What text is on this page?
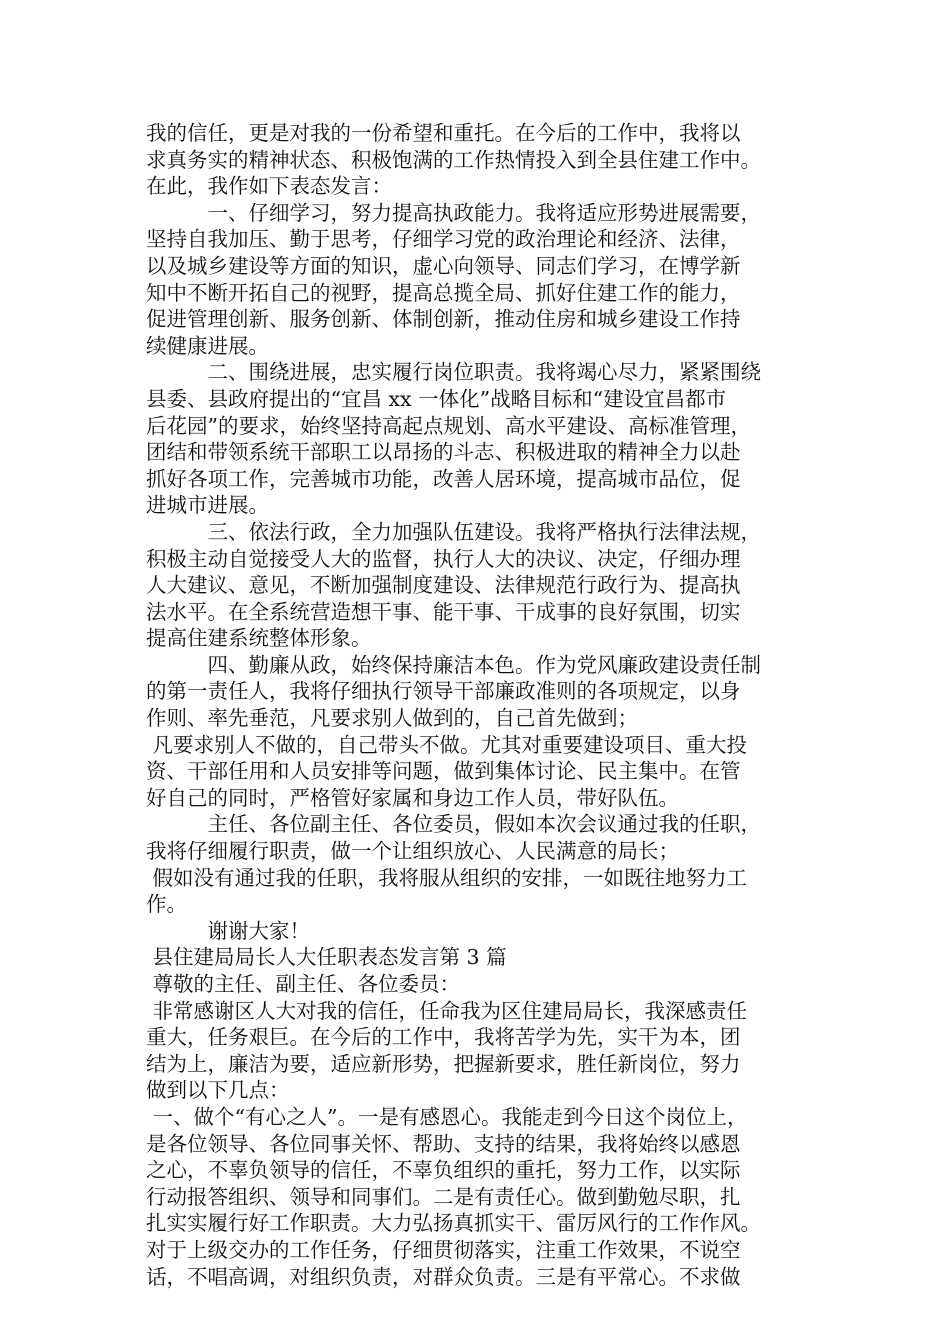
我的信任，更是对我的一份希望和重托。在今后的工作中，我将以
求真务实的精神状态、积极饱满的工作热情投入到全县住建工作中。
在此，我作如下表态发言：
　　　一、仔细学习，努力提高执政能力。我将适应形势进展需要，
坚持自我加压、勤于思考，仔细学习党的政治理论和经济、法律，
以及城乡建设等方面的知识，虚心向领导、同志们学习，在博学新
知中不断开拓自己的视野，提高总揽全局、抓好住建工作的能力，
促进管理创新、服务创新、体制创新，推动住房和城乡建设工作持
续健康进展。
　　　二、围绕进展，忠实履行岗位职责。我将竭心尽力，紧紧围绕
县委、县政府提出的“宜昌 xx 一体化”战略目标和“建设宜昌都市
后花园”的要求，始终坚持高起点规划、高水平建设、高标准管理，
团结和带领系统干部职工以昂扬的斗志、积极进取的精神全力以赴
抓好各项工作，完善城市功能，改善人居环境，提高城市品位，促
进城市进展。
　　　三、依法行政，全力加强队伍建设。我将严格执行法律法规，
积极主动自觉接受人大的监督，执行人大的决议、决定，仔细办理
人大建议、意见，不断加强制度建设、法律规范行政行为、提高执
法水平。在全系统营造想干事、能干事、干成事的良好氛围，切实
提高住建系统整体形象。
　　　四、勤廉从政，始终保持廉洁本色。作为党风廉政建设责任制
的第一责任人，我将仔细执行领导干部廉政准则的各项规定，以身
作则、率先垂范，凡要求别人做到的，自己首先做到；
凡要求别人不做的，自己带头不做。尤其对重要建设项目、重大投
资、干部任用和人员安排等问题，做到集体讨论、民主集中。在管
好自己的同时，严格管好家属和身边工作人员，带好队伍。
　　　主任、各位副主任、各位委员，假如本次会议通过我的任职，
我将仔细履行职责，做一个让组织放心、人民满意的局长；
假如没有通过我的任职，我将服从组织的安排，一如既往地努力工
作。
　　　谢谢大家！
县住建局局长人大任职表态发言第 3 篇
尊敬的主任、副主任、各位委员：
非常感谢区人大对我的信任，任命我为区住建局局长，我深感责任
重大，任务艰巨。在今后的工作中，我将苦学为先，实干为本，团
结为上，廉洁为要，适应新形势，把握新要求，胜任新岗位，努力
做到以下几点：
一、做个“有心之人”。一是有感恩心。我能走到今日这个岗位上，
是各位领导、各位同事关怀、帮助、支持的结果，我将始终以感恩
之心，不辜负领导的信任，不辜负组织的重托，努力工作，以实际
行动报答组织、领导和同事们。二是有责任心。做到勤勉尽职，扎
扎实实履行好工作职责。大力弘扬真抓实干、雷厉风行的工作作风。
对于上级交办的工作任务，仔细贯彻落实，注重工作效果，不说空
话，不唱高调，对组织负责，对群众负责。三是有平常心。不求做
